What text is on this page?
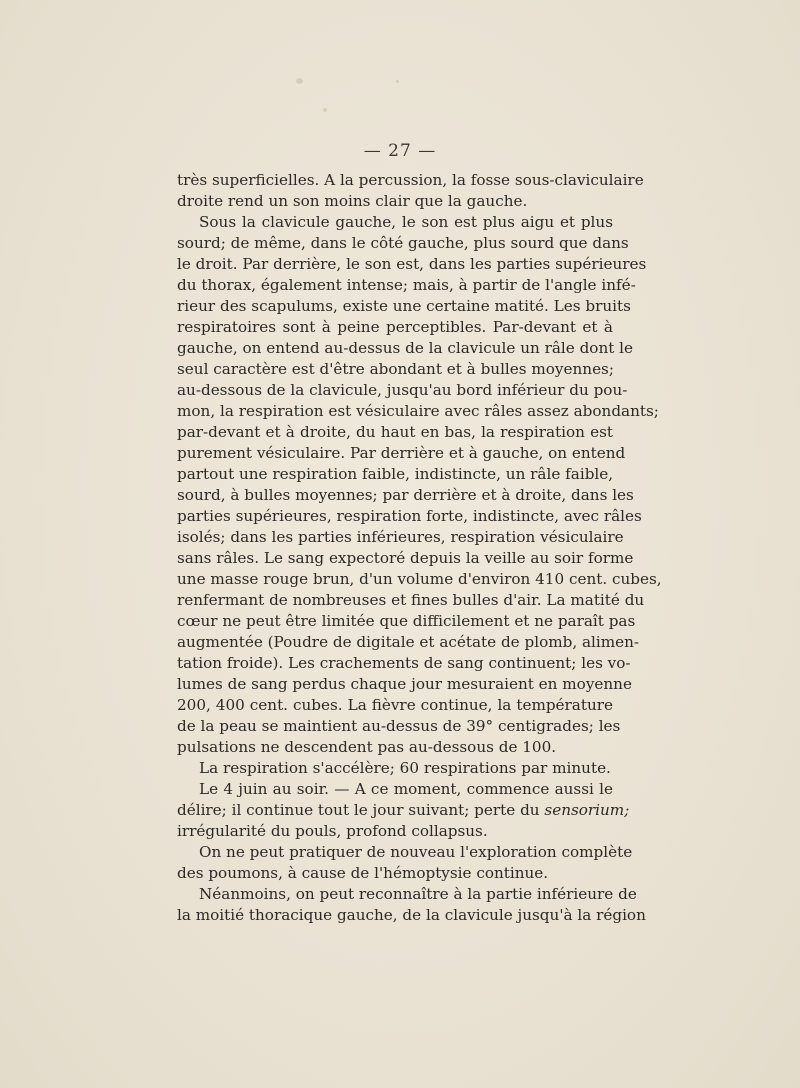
— 27 —
très superficielles. A la percussion, la fosse sous-claviculaire
droite rend un son moins clair que la gauche.
Sous la clavicule gauche, le son est plus aigu et plus
sourd; de même, dans le côté gauche, plus sourd que dans
le droit. Par derrière, le son est, dans les parties supérieures
du thorax, également intense; mais, à partir de l'angle infé-
rieur des scapulums, existe une certaine matité. Les bruits
respiratoires sont à peine perceptibles. Par-devant et à
gauche, on entend au-dessus de la clavicule un râle dont le
seul caractère est d'être abondant et à bulles moyennes;
au-dessous de la clavicule, jusqu'au bord inférieur du pou-
mon, la respiration est vésiculaire avec râles assez abondants;
par-devant et à droite, du haut en bas, la respiration est
purement vésiculaire. Par derrière et à gauche, on entend
partout une respiration faible, indistincte, un râle faible,
sourd, à bulles moyennes; par derrière et à droite, dans les
parties supérieures, respiration forte, indistincte, avec râles
isolés; dans les parties inférieures, respiration vésiculaire
sans râles. Le sang expectoré depuis la veille au soir forme
une masse rouge brun, d'un volume d'environ 410 cent. cubes,
renfermant de nombreuses et fines bulles d'air. La matité du
cœur ne peut être limitée que difficilement et ne paraît pas
augmentée (Poudre de digitale et acétate de plomb, alimen-
tation froide). Les crachements de sang continuent; les vo-
lumes de sang perdus chaque jour mesuraient en moyenne
200, 400 cent. cubes. La fièvre continue, la température
de la peau se maintient au-dessus de 39° centigrades; les
pulsations ne descendent pas au-dessous de 100.
La respiration s'accélère; 60 respirations par minute.
Le 4 juin au soir. — A ce moment, commence aussi le
délire; il continue tout le jour suivant; perte du sensorium;
irrégularité du pouls, profond collapsus.
On ne peut pratiquer de nouveau l'exploration complète
des poumons, à cause de l'hémoptysie continue.
Néanmoins, on peut reconnaître à la partie inférieure de
la moitié thoracique gauche, de la clavicule jusqu'à la région
